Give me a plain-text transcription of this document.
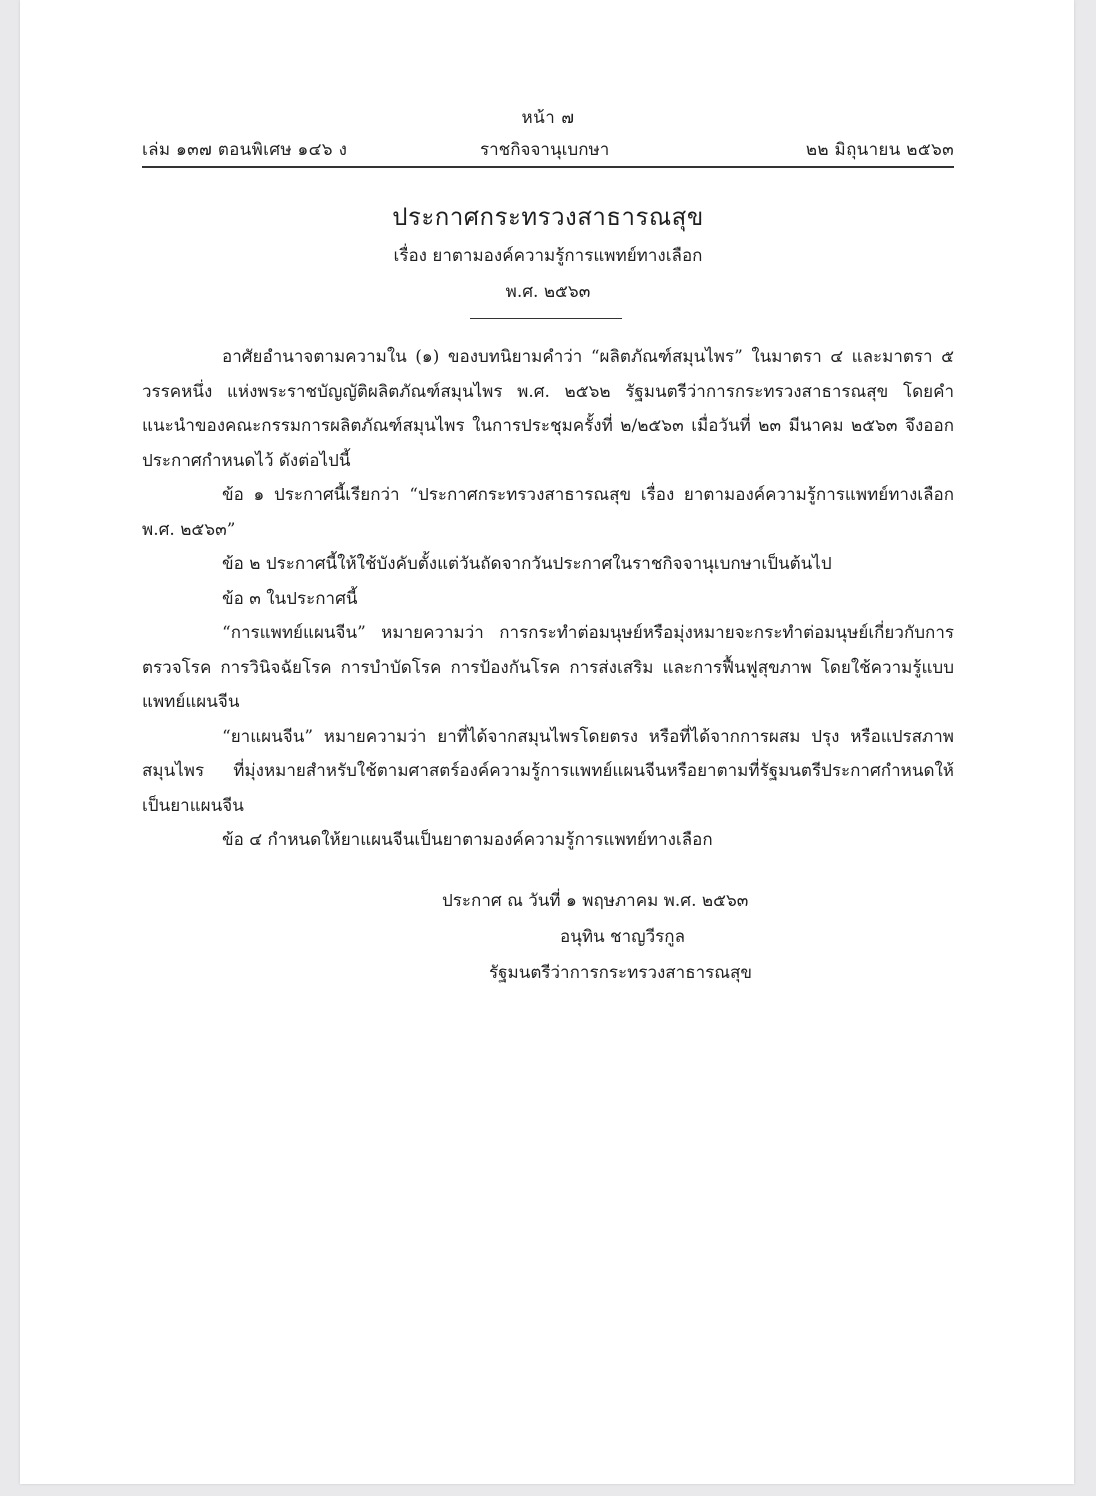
หน้า ๗
เล่ม ๑๓๗ ตอนพิเศษ ๑๔๖ ง	ราชกิจจานุเบกษา	๒๒ มิถุนายน ๒๕๖๓
ประกาศกระทรวงสาธารณสุข
เรื่อง ยาตามองค์ความรู้การแพทย์ทางเลือก
พ.ศ. ๒๕๖๓

อาศัยอำนาจตามความใน (๑) ของบทนิยามคำว่า “ผลิตภัณฑ์สมุนไพร” ในมาตรา ๔ และมาตรา ๕ วรรคหนึ่ง แห่งพระราชบัญญัติผลิตภัณฑ์สมุนไพร พ.ศ. ๒๕๖๒ รัฐมนตรีว่าการกระทรวงสาธารณสุข โดยคำแนะนำของคณะกรรมการผลิตภัณฑ์สมุนไพร ในการประชุมครั้งที่ ๒/๒๕๖๓ เมื่อวันที่ ๒๓ มีนาคม ๒๕๖๓ จึงออกประกาศกำหนดไว้ ดังต่อไปนี้

ข้อ ๑ ประกาศนี้เรียกว่า “ประกาศกระทรวงสาธารณสุข เรื่อง ยาตามองค์ความรู้การแพทย์ทางเลือก พ.ศ. ๒๕๖๓”

ข้อ ๒ ประกาศนี้ให้ใช้บังคับตั้งแต่วันถัดจากวันประกาศในราชกิจจานุเบกษาเป็นต้นไป

ข้อ ๓ ในประกาศนี้

“การแพทย์แผนจีน” หมายความว่า การกระทำต่อมนุษย์หรือมุ่งหมายจะกระทำต่อมนุษย์เกี่ยวกับการตรวจโรค การวินิจฉัยโรค การบำบัดโรค การป้องกันโรค การส่งเสริม และการฟื้นฟูสุขภาพ โดยใช้ความรู้แบบแพทย์แผนจีน

“ยาแผนจีน” หมายความว่า ยาที่ได้จากสมุนไพรโดยตรง หรือที่ได้จากการผสม ปรุง หรือแปรสภาพสมุนไพร ที่มุ่งหมายสำหรับใช้ตามศาสตร์องค์ความรู้การแพทย์แผนจีนหรือยาตามที่รัฐมนตรีประกาศกำหนดให้เป็นยาแผนจีน

ข้อ ๔ กำหนดให้ยาแผนจีนเป็นยาตามองค์ความรู้การแพทย์ทางเลือก

ประกาศ ณ วันที่ ๑ พฤษภาคม พ.ศ. ๒๕๖๓
อนุทิน ชาญวีรกูล
รัฐมนตรีว่าการกระทรวงสาธารณสุข
